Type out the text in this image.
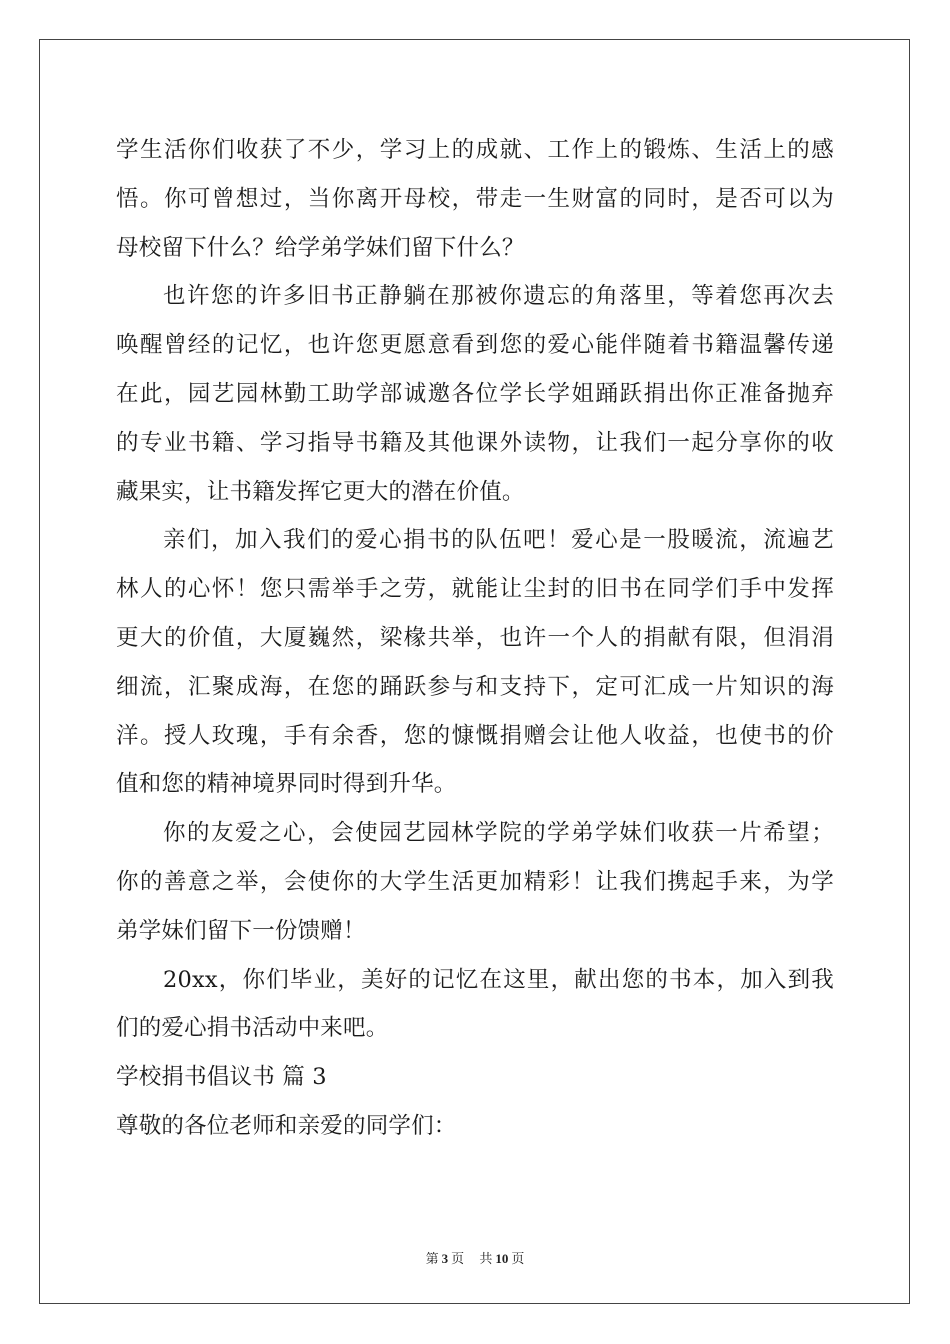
学生活你们收获了不少，学习上的成就、工作上的锻炼、生活上的感
悟。你可曾想过，当你离开母校，带走一生财富的同时，是否可以为
母校留下什么？给学弟学妹们留下什么？
也许您的许多旧书正静躺在那被你遗忘的角落里，等着您再次去
唤醒曾经的记忆，也许您更愿意看到您的爱心能伴随着书籍温馨传递
在此，园艺园林勤工助学部诚邀各位学长学姐踊跃捐出你正准备抛弃
的专业书籍、学习指导书籍及其他课外读物，让我们一起分享你的收
藏果实，让书籍发挥它更大的潜在价值。
亲们，加入我们的爱心捐书的队伍吧！爱心是一股暖流，流遍艺
林人的心怀！您只需举手之劳，就能让尘封的旧书在同学们手中发挥
更大的价值，大厦巍然，梁椽共举，也许一个人的捐献有限，但涓涓
细流，汇聚成海，在您的踊跃参与和支持下，定可汇成一片知识的海
洋。授人玫瑰，手有余香，您的慷慨捐赠会让他人收益，也使书的价
值和您的精神境界同时得到升华。
你的友爱之心，会使园艺园林学院的学弟学妹们收获一片希望；
你的善意之举，会使你的大学生活更加精彩！让我们携起手来，为学
弟学妹们留下一份馈赠！
20xx，你们毕业，美好的记忆在这里，献出您的书本，加入到我
们的爱心捐书活动中来吧。
学校捐书倡议书 篇 3
尊敬的各位老师和亲爱的同学们：
第 3 页 共 10 页
